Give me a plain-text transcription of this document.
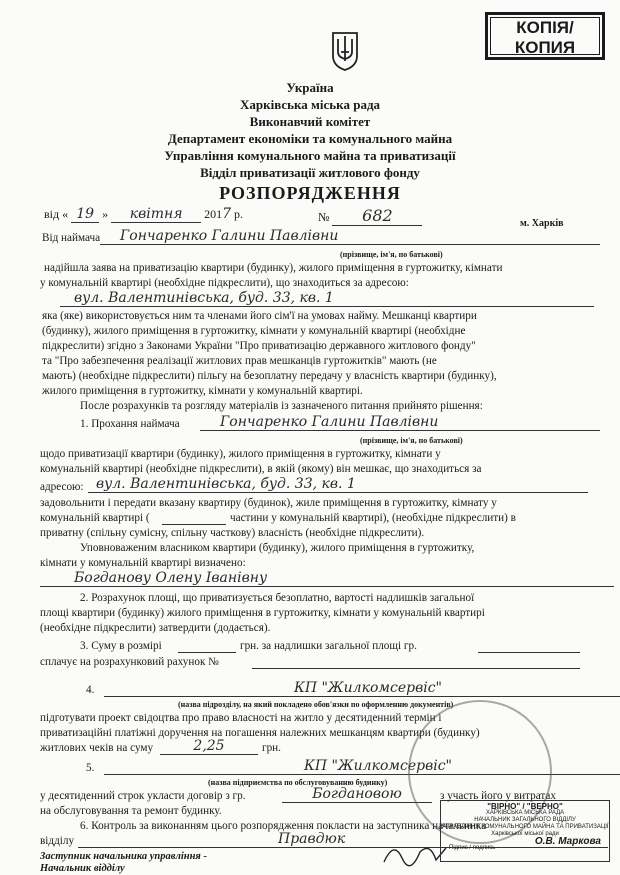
КОПІЯ/
КОПИЯ
Україна
Харківська міська рада
Виконавчий комітет
Департамент економіки та комунального майна
Управління комунального майна та приватизації
Відділ приватизації житлового фонду
РОЗПОРЯДЖЕННЯ
від « 19 » квітня 2017 р.	№ 682	м. Харків
Від наймача	Гончаренко Галини Павлівни
(прізвище, ім'я, по батькові)
надійшла заява на приватизацію квартири (будинку), жилого приміщення в гуртожитку, кімнати
у комунальній квартирі (необхідне підкреслити), що знаходиться за адресою:
вул. Валентинівська, буд. 33, кв. 1
яка (яке) використовується ним та членами його сім'ї на умовах найму. Мешканці квартири
(будинку), жилого приміщення в гуртожитку, кімнати у комунальній квартирі (необхідне
підкреслити) згідно з Законами України "Про приватизацію державного житлового фонду"
та "Про забезпечення реалізації житлових прав мешканців гуртожитків" мають (не
мають) (необхідне підкреслити) пільгу на безоплатну передачу у власність квартири (будинку),
жилого приміщення в гуртожитку, кімнати у комунальній квартирі.
После розрахунків та розгляду матеріалів із зазначеного питання прийнято рішення:
1. Прохання наймача	Гончаренко Галини Павлівни
(прізвище, ім'я, по батькові)
щодо приватизації квартири (будинку), жилого приміщення в гуртожитку, кімнати у
комунальній квартирі (необхідне підкреслити), в якій (якому) він мешкає, що знаходиться за
адресою: вул. Валентинівська, буд. 33, кв. 1
задовольнити і передати вказану квартиру (будинок), жиле приміщення в гуртожитку, кімнату у
комунальній квартирі (	частини у комунальній квартирі), (необхідне підкреслити) в
приватну (спільну сумісну, спільну часткову) власність (необхідне підкреслити).
Уповноваженим власником квартири (будинку), жилого приміщення в гуртожитку,
кімнати у комунальній квартирі визначено:
Богданову Олену Іванівну
2. Розрахунок площі, що приватизується безоплатно, вартості надлишків загальної
площі квартири (будинку) жилого приміщення в гуртожитку, кімнати у комунальній квартирі
(необхідне підкреслити) затвердити (додається).
3. Суму в розмірі	грн. за надлишки загальної площі гр.
сплачує на розрахунковий рахунок №
4.	КП "Жилкомсервіс"
(назва підрозділу, на який покладено обов'язки по оформленню документів)
підготувати проект свідоцтва про право власності на житло у десятиденний термін і
приватизаційні платіжні доручення на погашення належних мешканцям квартири (будинку)
житлових чеків на суму	2,25	грн.
5.	КП "Жилкомсервіс"
(назва підприємства по обслуговуванню будинку)
у десятиденний строк укласти договір з гр.	Богдановою	з участь його у витратах
на обслуговування та ремонт будинку.
6. Контроль за виконанням цього розпорядження покласти на заступника начальника
відділу	Правдюк
Заступник начальника управління -
Начальник відділу
"ВІРНО" / "ВЕРНО"
ХАРКІВСЬКА МІСЬКА РАДА
НАЧАЛЬНИК ЗАГАЛЬНОГО ВІДДІЛУ
УПРАВЛІННЯ КОМУНАЛЬНОГО МАЙНА ТА ПРИВАТИЗАЦІЇ
Харківської міської ради
О.В. Маркова
Підпис / подпись
